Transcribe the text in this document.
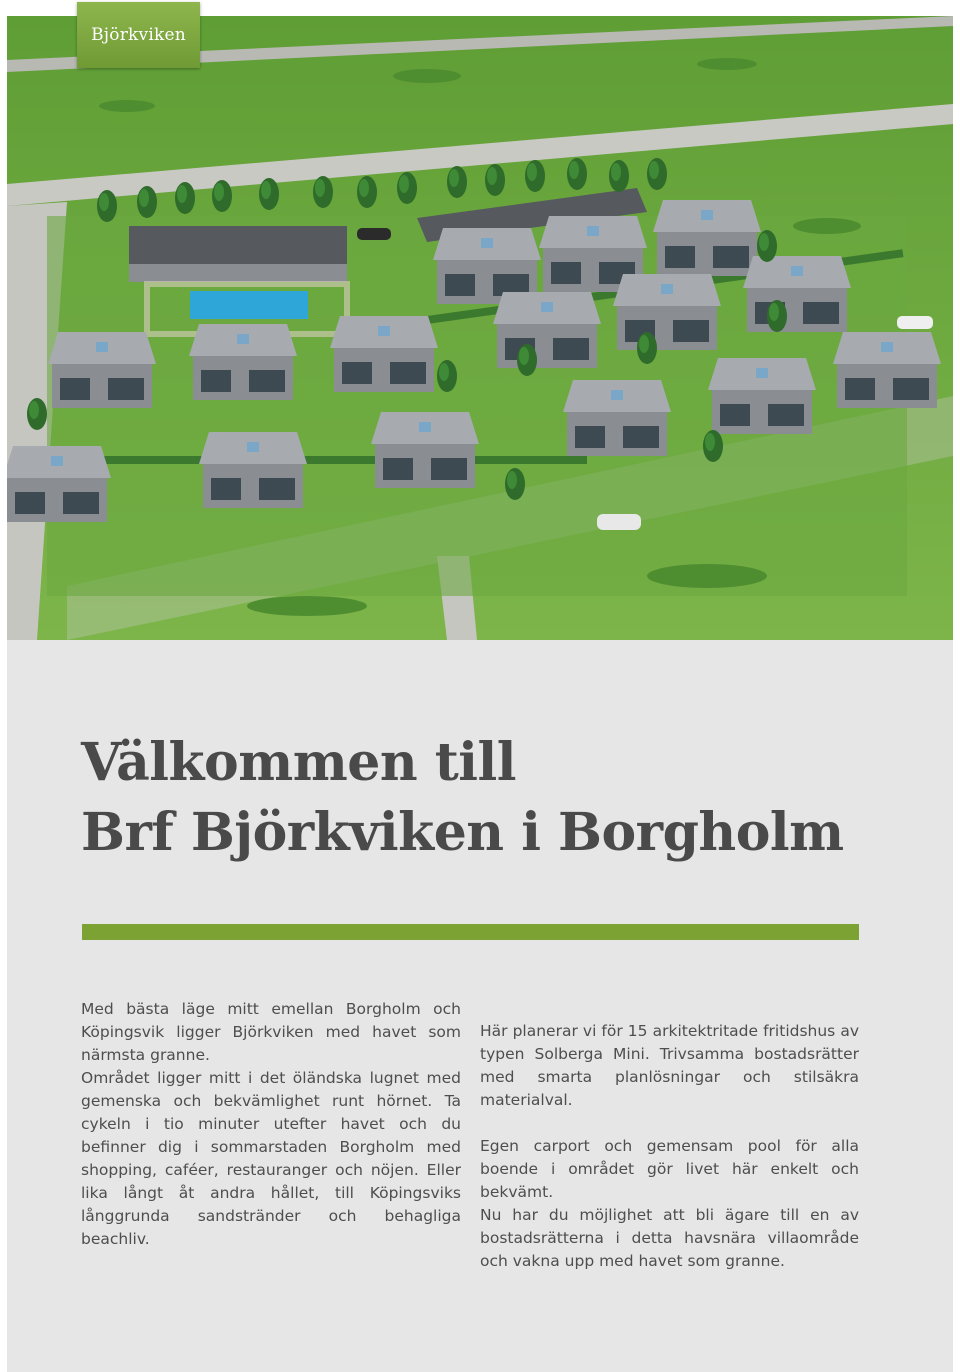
Björkviken
Välkommen till
Brf Björkviken i Borgholm

Med bästa läge mitt emellan Borgholm och Köpingsvik ligger Björkviken med havet som närmsta granne.

Området ligger mitt i det öländska lugnet med gemenska och bekvämlighet runt hörnet. Ta cykeln i tio minuter utefter havet och du befinner dig i sommarstaden Borgholm med shopping, caféer, restauranger och nöjen. Eller lika långt åt andra hållet, till Köpingsviks långgrunda sandstränder och behagliga beachliv.

Här planerar vi för 15 arkitektritade fritidshus av typen Solberga Mini. Trivsamma bostadsrätter med smarta planlösningar och stilsäkra materialval.

Egen carport och gemensam pool för alla boende i området gör livet här enkelt och bekvämt.

Nu har du möjlighet att bli ägare till en av bostadsrätterna i detta havsnära villaområde och vakna upp med havet som granne.
